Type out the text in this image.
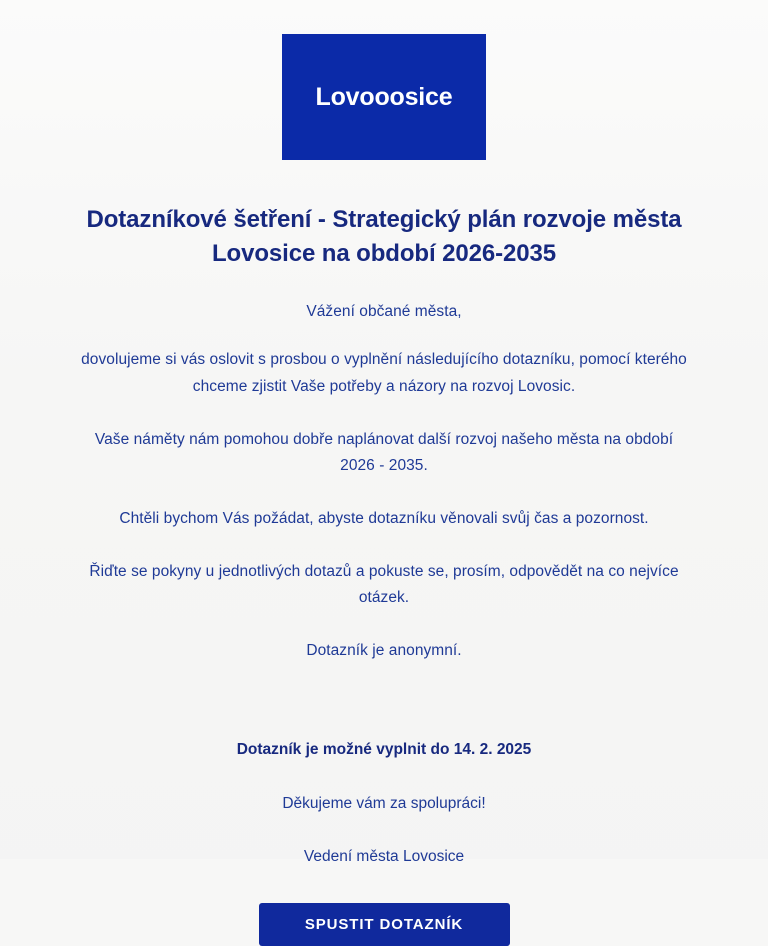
Lovooosice
Dotazníkové šetření - Strategický plán rozvoje města Lovosice na období 2026-2035

Vážení občané města,

dovolujeme si vás oslovit s prosbou o vyplnění následujícího dotazníku, pomocí kterého chceme zjistit Vaše potřeby a názory na rozvoj Lovosic.

Vaše náměty nám pomohou dobře naplánovat další rozvoj našeho města na období 2026 - 2035.

Chtěli bychom Vás požádat, abyste dotazníku věnovali svůj čas a pozornost.

Řiďte se pokyny u jednotlivých dotazů a pokuste se, prosím, odpovědět na co nejvíce otázek.

Dotazník je anonymní.

Dotazník je možné vyplnit do 14. 2. 2025

Děkujeme vám za spolupráci!

Vedení města Lovosice

SPUSTIT DOTAZNÍK
